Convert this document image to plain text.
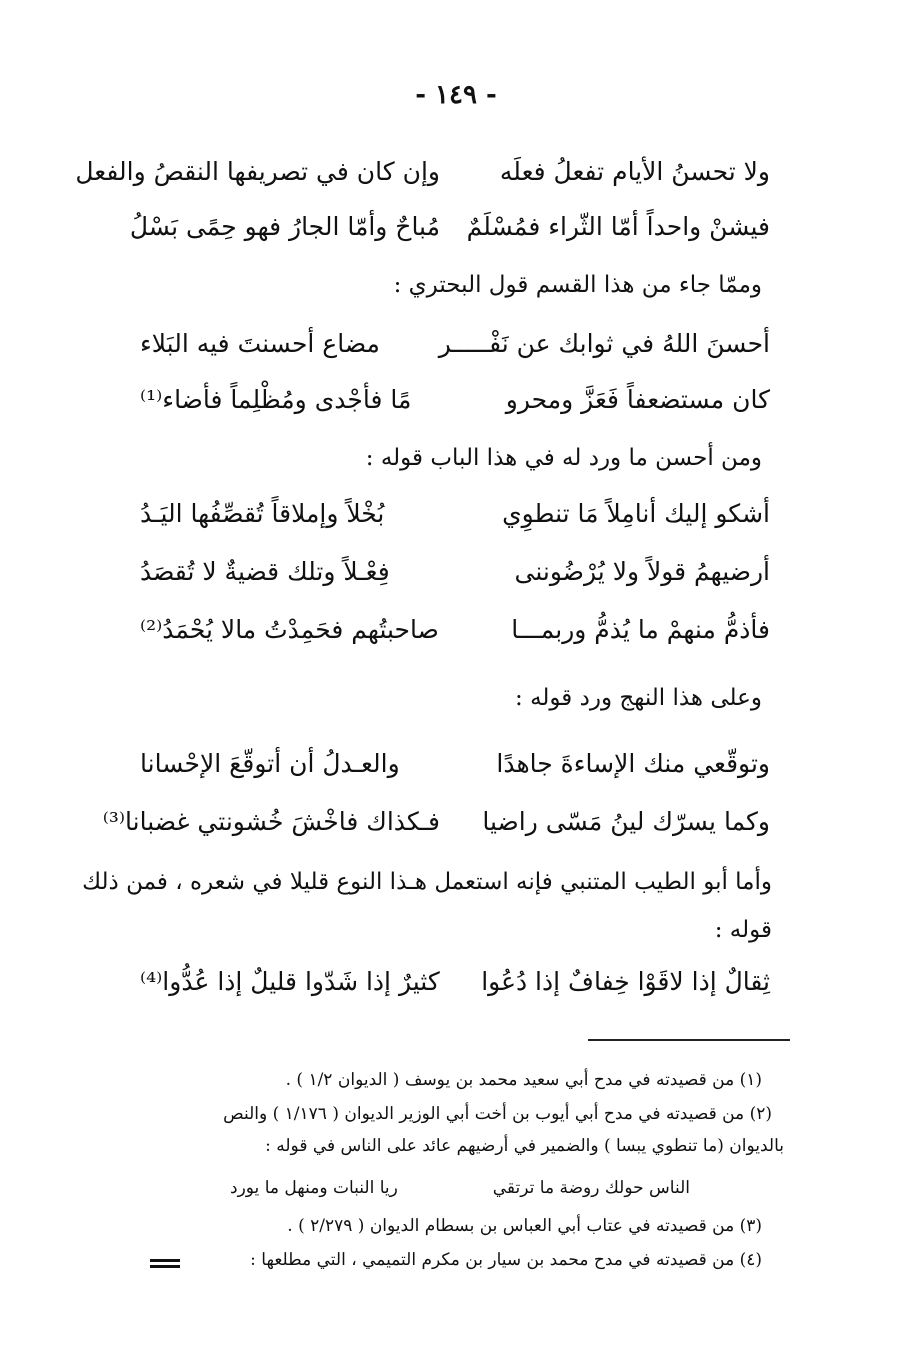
- ١٤٩ -
ولا تحسنُ الأيام تفعلُ فعلَه
وإن كان في تصريفها النقصُ والفعل
فيشنْ واحداً أمّا الثّراء فمُسْلَمٌ
مُباحٌ وأمّا الجارُ فهو حِمًى بَسْلُ
وممّا جاء من هذا القسم قول البحتري :
أحسنَ اللهُ في ثوابك عن نَفْـــــر
مضاع أحسنتَ فيه البَلاء
كان مستضعفاً فَعَزَّ ومحرو
مًا فأجْدى ومُظْلِماً فأضاء⁽¹⁾
ومن أحسن ما ورد له في هذا الباب قوله :
أشكو إليك أنامِلاً مَا تنطوِي
بُخْلاً وإملاقاً تُقصِّفُها اليَـدُ
أرضيهمُ قولاً ولا يُرْضُوننى
فِعْـلاً وتلك قضيةٌ لا تُقصَدُ
فأذمُّ منهمْ ما يُذمُّ وربمـــا
صاحبتُهم فحَمِدْتُ مالا يُحْمَدُ⁽²⁾
وعلى هذا النهج ورد قوله :
وتوقّعي منك الإساءةَ جاهدًا
والعـدلُ أن أتوقّعَ الإحْسانا
وكما يسرّك لينُ مَسّى راضيا
فـكذاك فاخْشَ خُشونتي غضبانا⁽³⁾
وأما أبو الطيب المتنبي فإنه استعمل هـذا النوع قليلا في شعره ، فمن ذلك
قوله :
ثِقالٌ إذا لاقَوْا خِفافٌ إذا دُعُوا
كثيرٌ إذا شَدّوا قليلٌ إذا عُدُّوا⁽⁴⁾
(١) من قصيدته في مدح أبي سعيد محمد بن يوسف ( الديوان ١/٢ ) .
(٢) من قصيدته في مدح أبي أيوب بن أخت أبي الوزير الديوان ( ١/١٧٦ ) والنص
بالديوان (ما تنطوي يبسا ) والضمير في أرضيهم عائد على الناس في قوله :
الناس حولك روضة ما ترتقي
ريا النبات ومنهل ما يورد
(٣) من قصيدته في عتاب أبي العباس بن بسطام الديوان ( ٢/٢٧٩ ) .
(٤) من قصيدته في مدح محمد بن سيار بن مكرم التميمي ، التي مطلعها :
